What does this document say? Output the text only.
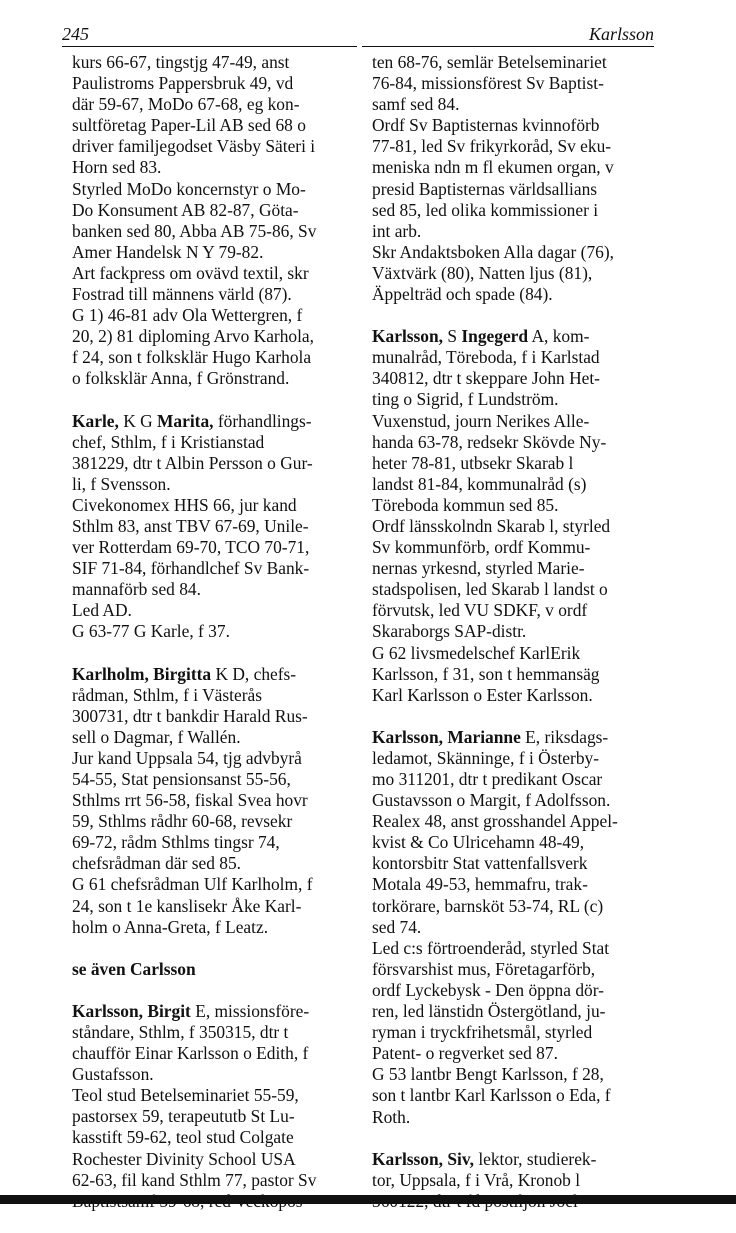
245	Karlsson
kurs 66-67, tingstjg 47-49, anst
Paulistroms Pappersbruk 49, vd
där 59-67, MoDo 67-68, eg kon-
sultföretag Paper-Lil AB sed 68 o
driver familjegodset Väsby Säteri i
Horn sed 83.
Styrled MoDo koncernstyr o Mo-
Do Konsument AB 82-87, Göta-
banken sed 80, Abba AB 75-86, Sv
Amer Handelsk N Y 79-82.
Art fackpress om ovävd textil, skr
Fostrad till männens värld (87).
G 1) 46-81 adv Ola Wettergren, f
20, 2) 81 diploming Arvo Karhola,
f 24, son t folksklär Hugo Karhola
o folksklär Anna, f Grönstrand.
Karle, K G Marita, förhandlings-
chef, Sthlm, f i Kristianstad
381229, dtr t Albin Persson o Gur-
li, f Svensson.
Civekonomex HHS 66, jur kand
Sthlm 83, anst TBV 67-69, Unile-
ver Rotterdam 69-70, TCO 70-71,
SIF 71-84, förhandlchef Sv Bank-
mannaförb sed 84.
Led AD.
G 63-77 G Karle, f 37.
Karlholm, Birgitta K D, chefs-
rådman, Sthlm, f i Västerås
300731, dtr t bankdir Harald Rus-
sell o Dagmar, f Wallén.
Jur kand Uppsala 54, tjg advbyrå
54-55, Stat pensionsanst 55-56,
Sthlms rrt 56-58, fiskal Svea hovr
59, Sthlms rådhr 60-68, revsekr
69-72, rådm Sthlms tingsr 74,
chefsrådman där sed 85.
G 61 chefsrådman Ulf Karlholm, f
24, son t 1e kanslisekr Åke Karl-
holm o Anna-Greta, f Leatz.
se även Carlsson
Karlsson, Birgit E, missionsföre-
ståndare, Sthlm, f 350315, dtr t
chaufför Einar Karlsson o Edith, f
Gustafsson.
Teol stud Betelseminariet 55-59,
pastorsex 59, terapeututb St Lu-
kasstift 59-62, teol stud Colgate
Rochester Divinity School USA
62-63, fil kand Sthlm 77, pastor Sv
ten 68-76, semlär Betelseminariet
76-84, missionsförest Sv Baptist-
samf sed 84.
Ordf Sv Baptisternas kvinnoförb
77-81, led Sv frikyrkoråd, Sv eku-
meniska ndn m fl ekumen organ, v
presid Baptisternas världsallians
sed 85, led olika kommissioner i
int arb.
Skr Andaktsboken Alla dagar (76),
Växtvärk (80), Natten ljus (81),
Äppelträd och spade (84).
Karlsson, S Ingegerd A, kom-
munalråd, Töreboda, f i Karlstad
340812, dtr t skeppare John Het-
ting o Sigrid, f Lundström.
Vuxenstud, journ Nerikes Alle-
handa 63-78, redsekr Skövde Ny-
heter 78-81, utbsekr Skarab l
landst 81-84, kommunalråd (s)
Töreboda kommun sed 85.
Ordf länsskolndn Skarab l, styrled
Sv kommunförb, ordf Kommu-
nernas yrkesnd, styrled Marie-
stadspolisen, led Skarab l landst o
förvutsk, led VU SDKF, v ordf
Skaraborgs SAP-distr.
G 62 livsmedelschef KarlErik
Karlsson, f 31, son t hemmansäg
Karl Karlsson o Ester Karlsson.
Karlsson, Marianne E, riksdags-
ledamot, Skänninge, f i Österby-
mo 311201, dtr t predikant Oscar
Gustavsson o Margit, f Adolfsson.
Realex 48, anst grosshandel Appel-
kvist & Co Ulricehamn 48-49,
kontorsbitr Stat vattenfallsverk
Motala 49-53, hemmafru, trak-
torkörare, barnsköt 53-74, RL (c)
sed 74.
Led c:s förtroenderåd, styrled Stat
försvarshist mus, Företagarförb,
ordf Lyckebysk - Den öppna dör-
ren, led länstidn Östergötland, ju-
ryman i tryckfrihetsmål, styrled
Patent- o regverket sed 87.
G 53 lantbr Bengt Karlsson, f 28,
son t lantbr Karl Karlsson o Eda, f
Roth.
Karlsson, Siv, lektor, studierek-
tor, Uppsala, f i Vrå, Kronob l
